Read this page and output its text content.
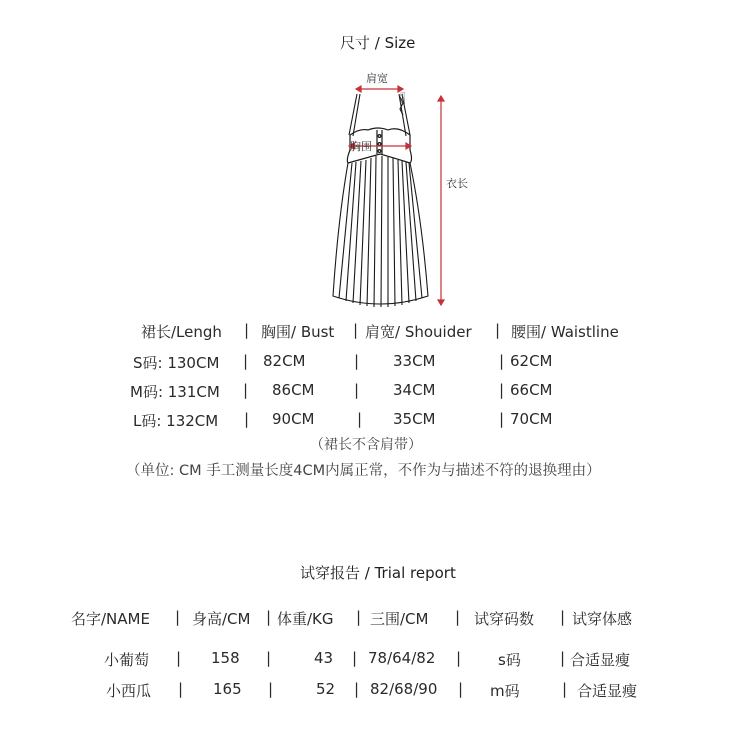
尺寸 / Size
肩宽
胸围
衣长
可调
裙长/Lengh | 胸围/ Bust | 肩宽/ Shouider | 腰围/ Waistline
S码: 130CM | 82CM	| 33CM	| 62CM
M码: 131CM | 86CM	| 34CM	| 66CM
L码: 132CM | 90CM	| 35CM	| 70CM
（裙长不含肩带）
（单位: CM 手工测量长度4CM内属正常，不作为与描述不符的退换理由）
试穿报告 / Trial report
名字/NAME | 身高/CM | 体重/KG | 三围/CM | 试穿码数 | 试穿体感
小葡萄 | 158 |	43 | 78/64/82 | s码	| 合适显瘦
小西瓜 | 165 |	52 | 82/68/90 | m码	| 合适显瘦
